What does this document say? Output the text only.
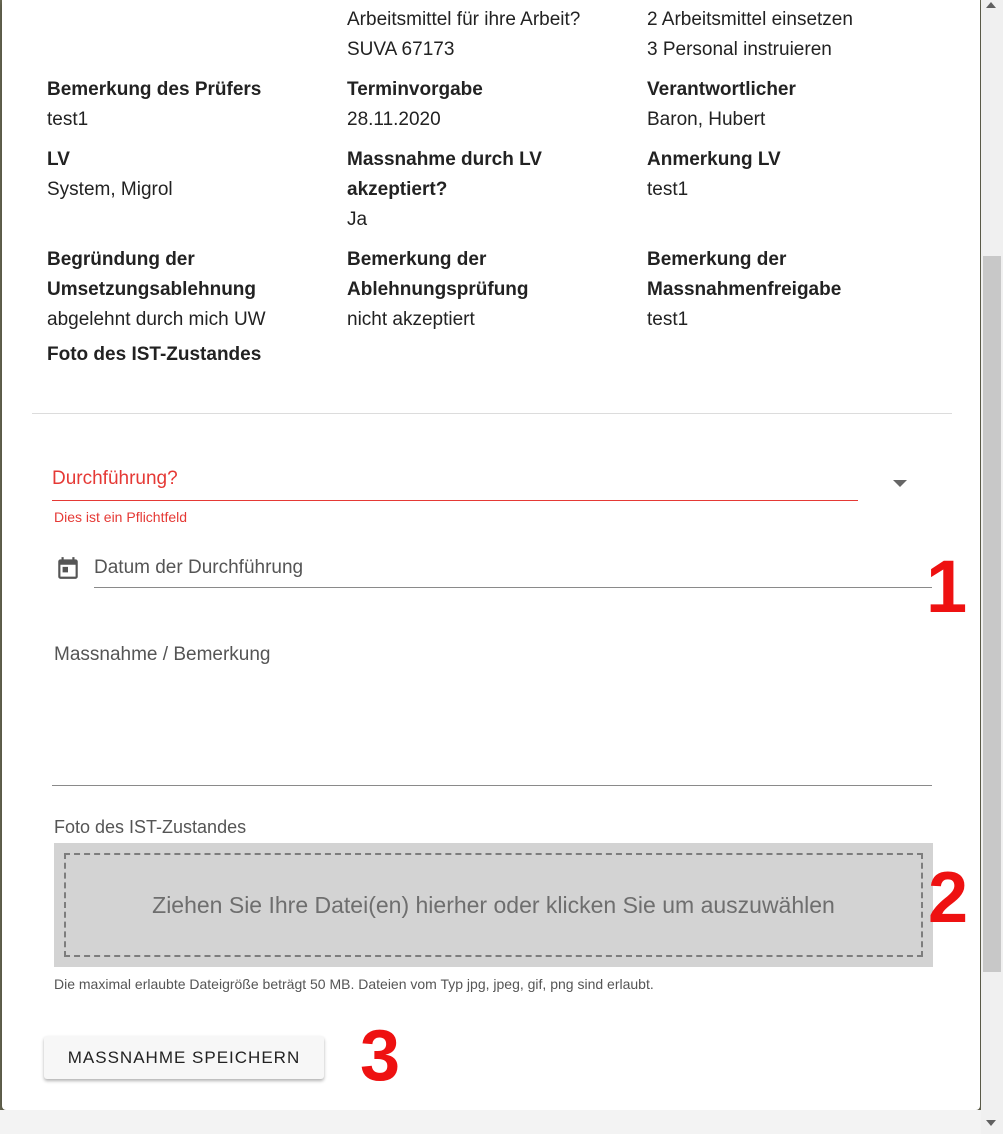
Arbeitsmittel für ihre Arbeit?
SUVA 67173
2 Arbeitsmittel einsetzen
3 Personal instruieren
Bemerkung des Prüfers
test1
Terminvorgabe
28.11.2020
Verantwortlicher
Baron, Hubert
LV
System, Migrol
Massnahme durch LV
akzeptiert?
Ja
Anmerkung LV
test1
Begründung der
Umsetzungsablehnung
abgelehnt durch mich UW
Bemerkung der
Ablehnungsprüfung
nicht akzeptiert
Bemerkung der
Massnahmenfreigabe
test1
Foto des IST-Zustandes
Durchführung?
Dies ist ein Pflichtfeld
Datum der Durchführung
Massnahme / Bemerkung
Foto des IST-Zustandes
Ziehen Sie Ihre Datei(en) hierher oder klicken Sie um auszuwählen
Die maximal erlaubte Dateigröße beträgt 50 MB. Dateien vom Typ jpg, jpeg, gif, png sind erlaubt.
MASSNAHME SPEICHERN
1
2
3
